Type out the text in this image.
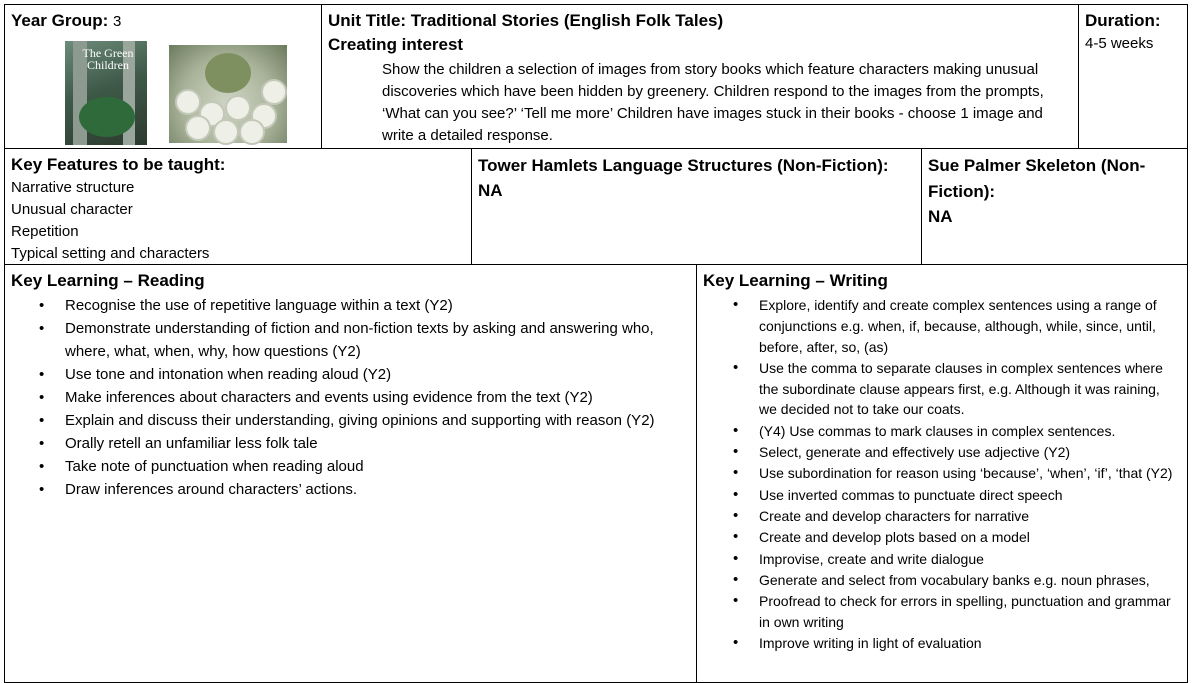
Year Group: 3
The Green Children
Unit Title: Traditional Stories (English Folk Tales)
Creating interest
Show the children a selection of images from story books which feature characters making unusual discoveries which have been hidden by greenery. Children respond to the images from the prompts, ‘What can you see?’ ‘Tell me more’ Children have images stuck in their books - choose 1 image and write a detailed response.
Duration:
4-5 weeks
Key Features to be taught:
Narrative structure
Unusual character
Repetition
Typical setting and characters
Tower Hamlets Language Structures (Non-Fiction):
NA
Sue Palmer Skeleton (Non-Fiction):
NA
Key Learning – Reading
• Recognise the use of repetitive language within a text (Y2)
• Demonstrate understanding of fiction and non-fiction texts by asking and answering who, where, what, when, why, how questions (Y2)
• Use tone and intonation when reading aloud (Y2)
• Make inferences about characters and events using evidence from the text (Y2)
• Explain and discuss their understanding, giving opinions and supporting with reason (Y2)
• Orally retell an unfamiliar less folk tale
• Take note of punctuation when reading aloud
• Draw inferences around characters’ actions.
Key Learning – Writing
• Explore, identify and create complex sentences using a range of conjunctions e.g. when, if, because, although, while, since, until, before, after, so, (as)
• Use the comma to separate clauses in complex sentences where the subordinate clause appears first, e.g. Although it was raining, we decided not to take our coats.
• (Y4) Use commas to mark clauses in complex sentences.
• Select, generate and effectively use adjective (Y2)
• Use subordination for reason using ‘because’, ‘when’, ‘if’, ‘that (Y2)
• Use inverted commas to punctuate direct speech
• Create and develop characters for narrative
• Create and develop plots based on a model
• Improvise, create and write dialogue
• Generate and select from vocabulary banks e.g. noun phrases,
• Proofread to check for errors in spelling, punctuation and grammar in own writing
• Improve writing in light of evaluation
